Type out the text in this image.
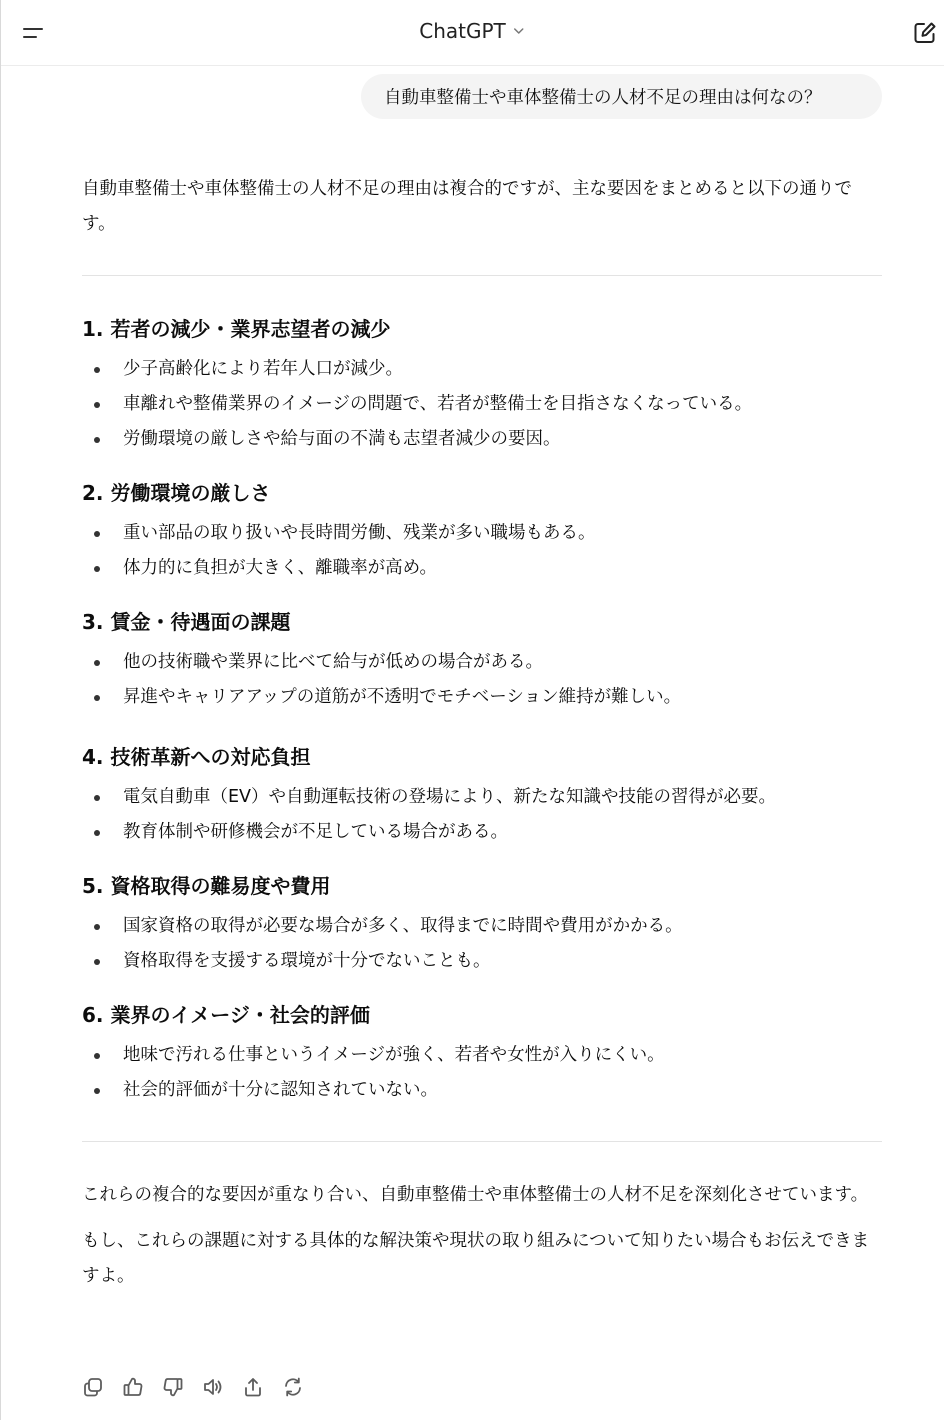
ChatGPT
自動車整備士や車体整備士の人材不足の理由は何なの？

自動車整備士や車体整備士の人材不足の理由は複合的ですが、主な要因をまとめると以下の通りです。

1. 若者の減少・業界志望者の減少
少子高齢化により若年人口が減少。
車離れや整備業界のイメージの問題で、若者が整備士を目指さなくなっている。
労働環境の厳しさや給与面の不満も志望者減少の要因。
2. 労働環境の厳しさ
重い部品の取り扱いや長時間労働、残業が多い職場もある。
体力的に負担が大きく、離職率が高め。
3. 賃金・待遇面の課題
他の技術職や業界に比べて給与が低めの場合がある。
昇進やキャリアアップの道筋が不透明でモチベーション維持が難しい。
4. 技術革新への対応負担
電気自動車（EV）や自動運転技術の登場により、新たな知識や技能の習得が必要。
教育体制や研修機会が不足している場合がある。
5. 資格取得の難易度や費用
国家資格の取得が必要な場合が多く、取得までに時間や費用がかかる。
資格取得を支援する環境が十分でないことも。
6. 業界のイメージ・社会的評価
地味で汚れる仕事というイメージが強く、若者や女性が入りにくい。
社会的評価が十分に認知されていない。

これらの複合的な要因が重なり合い、自動車整備士や車体整備士の人材不足を深刻化させています。

もし、これらの課題に対する具体的な解決策や現状の取り組みについて知りたい場合もお伝えできますよ。
